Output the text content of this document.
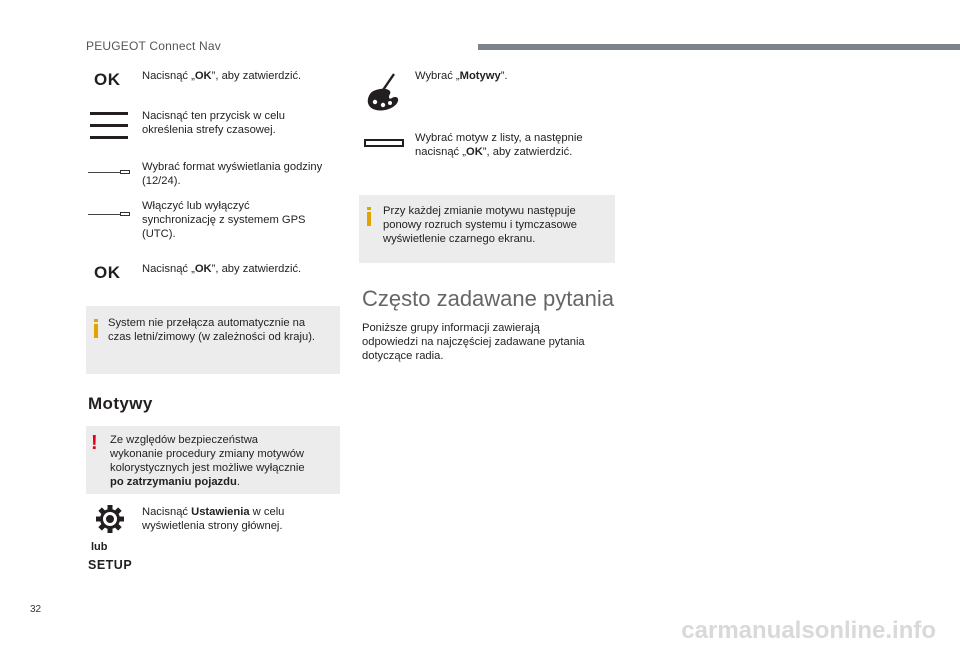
PEUGEOT Connect Nav
OK Nacisnąć „OK”, aby zatwierdzić.
Nacisnąć ten przycisk w celu
określenia strefy czasowej.
Wybrać format wyświetlania godziny
(12/24).
Włączyć lub wyłączyć
synchronizację z systemem GPS
(UTC).
OK Nacisnąć „OK”, aby zatwierdzić.
System nie przełącza automatycznie na
czas letni/zimowy (w zależności od kraju).
Motywy
! Ze względów bezpieczeństwa
wykonanie procedury zmiany motywów
kolorystycznych jest możliwe wyłącznie
po zatrzymaniu pojazdu.
Nacisnąć Ustawienia w celu
wyświetlenia strony głównej.
lub
SETUP
Wybrać „Motywy”.
Wybrać motyw z listy, a następnie
nacisnąć „OK”, aby zatwierdzić.
Przy każdej zmianie motywu następuje
ponowy rozruch systemu i tymczasowe
wyświetlenie czarnego ekranu.
Często zadawane pytania
Poniższe grupy informacji zawierają
odpowiedzi na najczęściej zadawane pytania
dotyczące radia.
32
carmanualsonline.info
